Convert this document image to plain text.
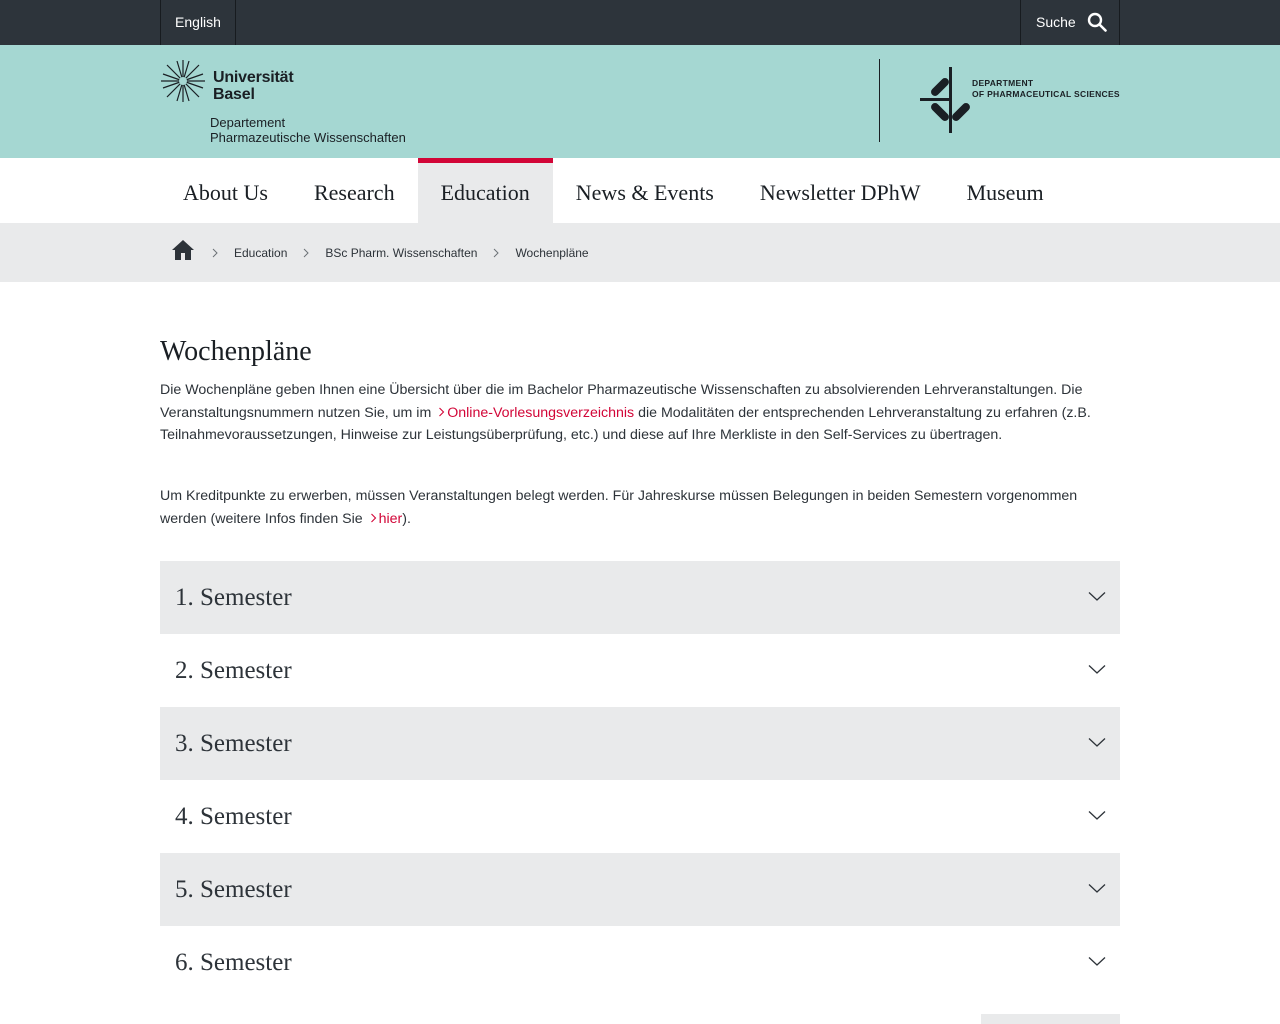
English	Suche
Universität
Basel
Departement
Pharmazeutische Wissenschaften
DEPARTMENT
OF PHARMACEUTICAL SCIENCES
About Us	Research	Education	News & Events	Newsletter DPhW	Museum
Education	BSc Pharm. Wissenschaften	Wochenpläne
Wochenpläne

Die Wochenpläne geben Ihnen eine Übersicht über die im Bachelor Pharmazeutische Wissenschaften zu absolvierenden Lehrveranstaltungen. Die Veranstaltungsnummern nutzen Sie, um im Online-Vorlesungsverzeichnis die Modalitäten der entsprechenden Lehrveranstaltung zu erfahren (z.B. Teilnahmevoraussetzungen, Hinweise zur Leistungsüberprüfung, etc.) und diese auf Ihre Merkliste in den Self-Services zu übertragen.

Um Kreditpunkte zu erwerben, müssen Veranstaltungen belegt werden. Für Jahreskurse müssen Belegungen in beiden Semestern vorgenommen werden (weitere Infos finden Sie hier).

1. Semester
2. Semester
3. Semester
4. Semester
5. Semester
6. Semester
